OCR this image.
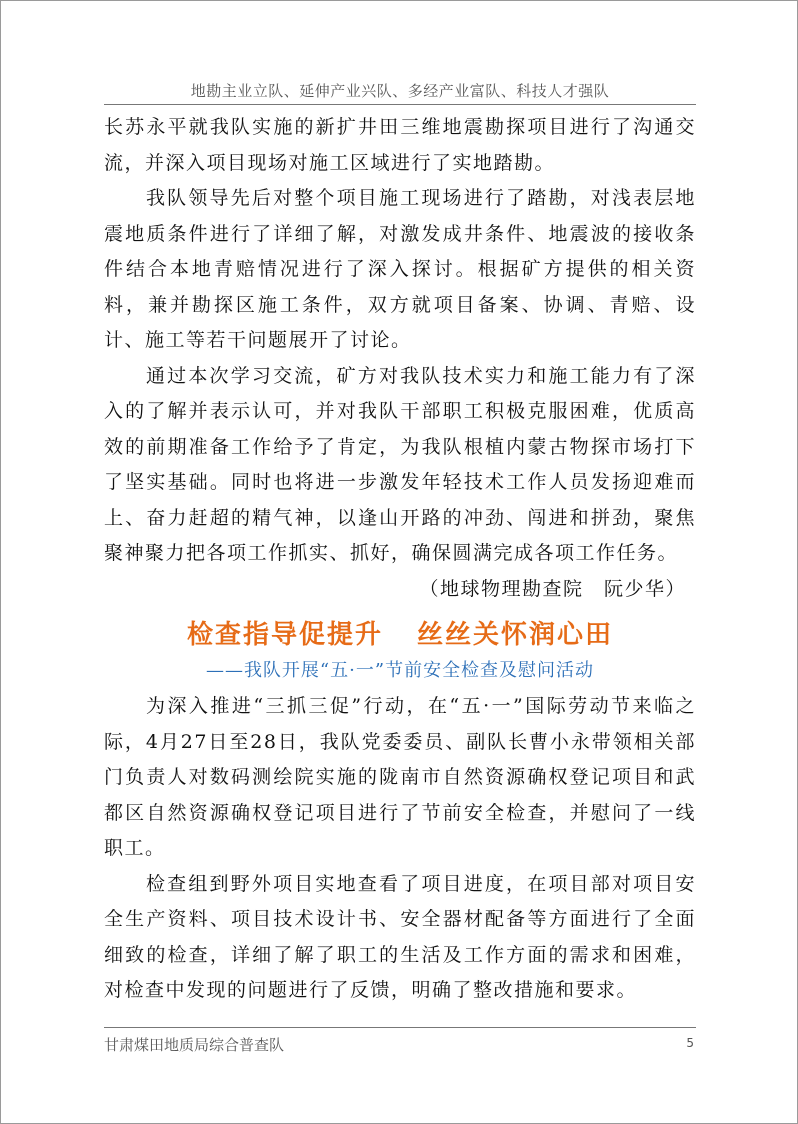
地勘主业立队、延伸产业兴队、多经产业富队、科技人才强队

长苏永平就我队实施的新扩井田三维地震勘探项目进行了沟通交流，并深入项目现场对施工区域进行了实地踏勘。

我队领导先后对整个项目施工现场进行了踏勘，对浅表层地震地质条件进行了详细了解，对激发成井条件、地震波的接收条件结合本地青赔情况进行了深入探讨。根据矿方提供的相关资料，兼并勘探区施工条件，双方就项目备案、协调、青赔、设计、施工等若干问题展开了讨论。

通过本次学习交流，矿方对我队技术实力和施工能力有了深入的了解并表示认可，并对我队干部职工积极克服困难，优质高效的前期准备工作给予了肯定，为我队根植内蒙古物探市场打下了坚实基础。同时也将进一步激发年轻技术工作人员发扬迎难而上、奋力赶超的精气神，以逢山开路的冲劲、闯进和拼劲，聚焦聚神聚力把各项工作抓实、抓好，确保圆满完成各项工作任务。

（地球物理勘查院　阮少华）

检查指导促提升 丝丝关怀润心田
——我队开展“五·一”节前安全检查及慰问活动

为深入推进“三抓三促”行动，在“五·一”国际劳动节来临之际，4月27日至28日，我队党委委员、副队长曹小永带领相关部门负责人对数码测绘院实施的陇南市自然资源确权登记项目和武都区自然资源确权登记项目进行了节前安全检查，并慰问了一线职工。

检查组到野外项目实地查看了项目进度，在项目部对项目安全生产资料、项目技术设计书、安全器材配备等方面进行了全面细致的检查，详细了解了职工的生活及工作方面的需求和困难，对检查中发现的问题进行了反馈，明确了整改措施和要求。

甘肃煤田地质局综合普查队	5
